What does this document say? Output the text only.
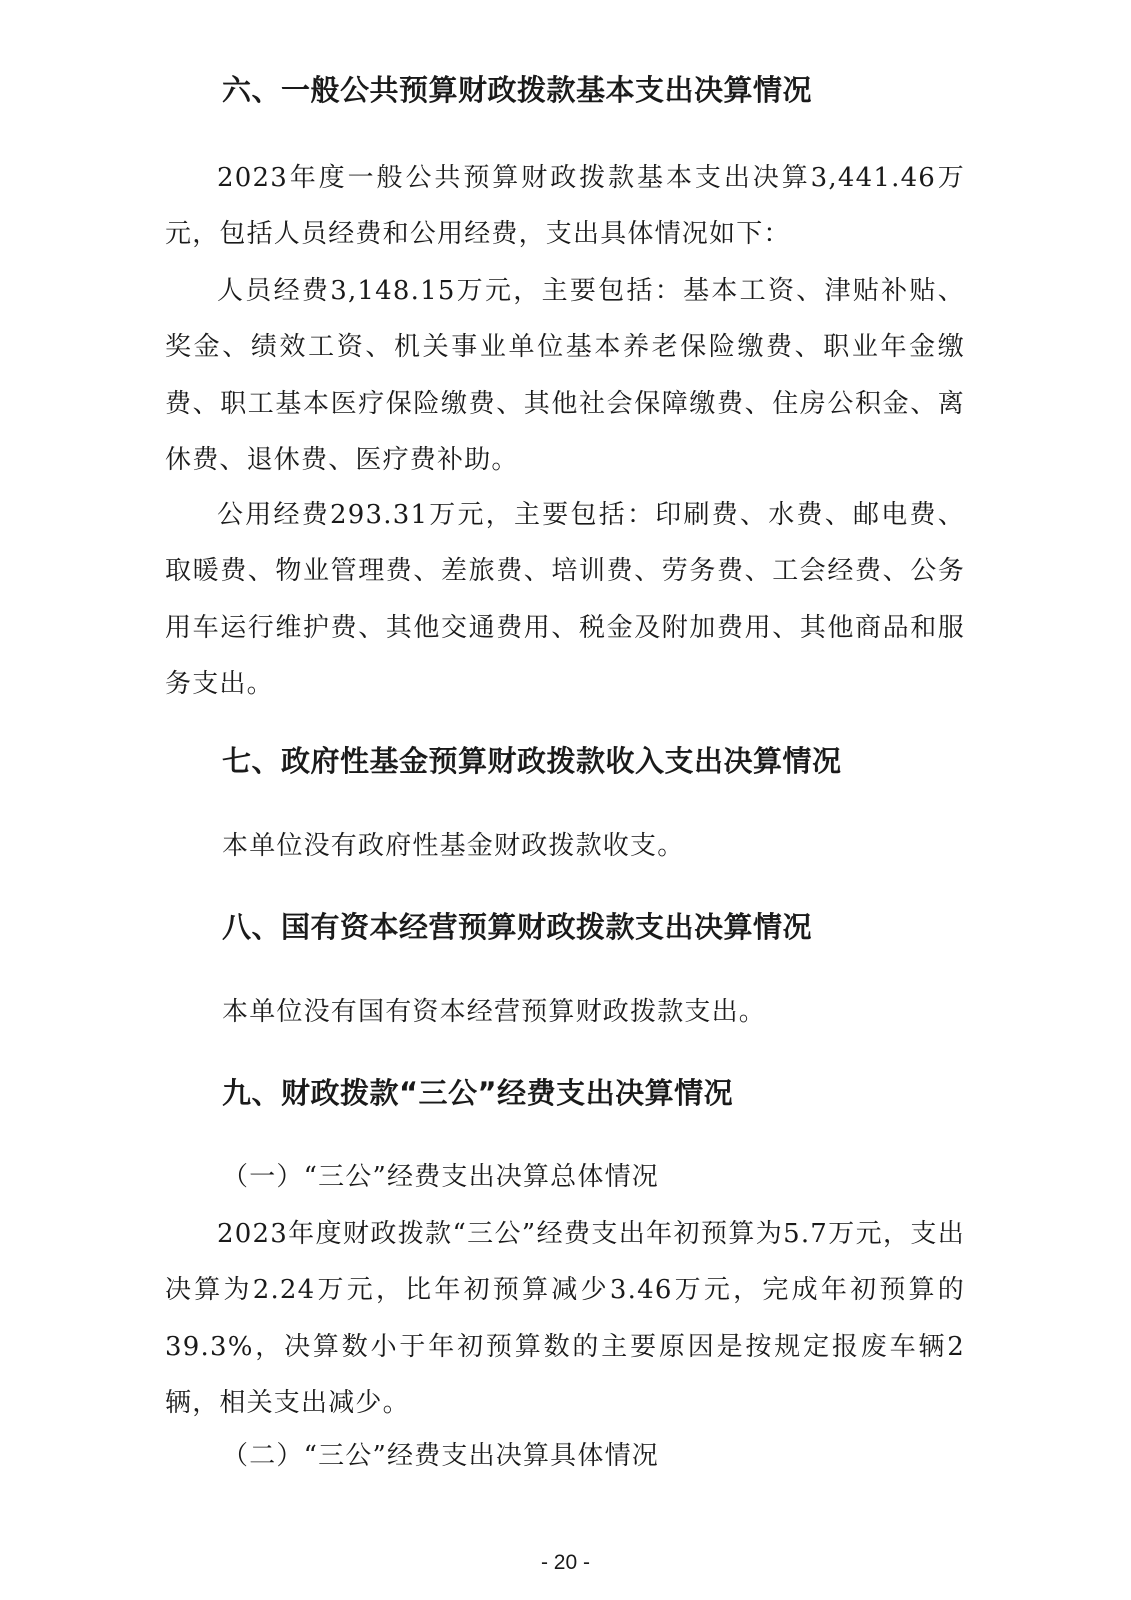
六、一般公共预算财政拨款基本支出决算情况

2023年度一般公共预算财政拨款基本支出决算3,441.46万元，包括人员经费和公用经费，支出具体情况如下：

人员经费3,148.15万元，主要包括：基本工资、津贴补贴、奖金、绩效工资、机关事业单位基本养老保险缴费、职业年金缴费、职工基本医疗保险缴费、其他社会保障缴费、住房公积金、离休费、退休费、医疗费补助。

公用经费293.31万元，主要包括：印刷费、水费、邮电费、取暖费、物业管理费、差旅费、培训费、劳务费、工会经费、公务用车运行维护费、其他交通费用、税金及附加费用、其他商品和服务支出。

七、政府性基金预算财政拨款收入支出决算情况
本单位没有政府性基金财政拨款收支。
八、国有资本经营预算财政拨款支出决算情况
本单位没有国有资本经营预算财政拨款支出。
九、财政拨款“三公”经费支出决算情况
（一）“三公”经费支出决算总体情况

2023年度财政拨款“三公”经费支出年初预算为5.7万元，支出决算为2.24万元，比年初预算减少3.46万元，完成年初预算的39.3%，决算数小于年初预算数的主要原因是按规定报废车辆2辆，相关支出减少。

（二）“三公”经费支出决算具体情况
- 20 -
